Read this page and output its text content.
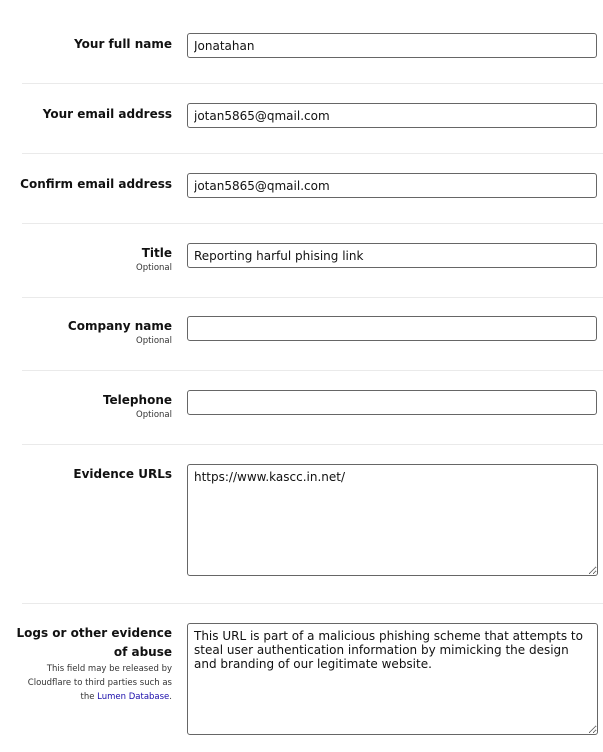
Your full name
Jonatahan
Your email address
jotan5865@qmail.com
Confirm email address
jotan5865@qmail.com
Title
Optional
Reporting harful phising link
Company name
Optional
Telephone
Optional
Evidence URLs
https://www.kascc.in.net/
Logs or other evidence of abuse
This field may be released by Cloudflare to third parties such as the Lumen Database.
This URL is part of a malicious phishing scheme that attempts to steal user authentication information by mimicking the design and branding of our legitimate website.
